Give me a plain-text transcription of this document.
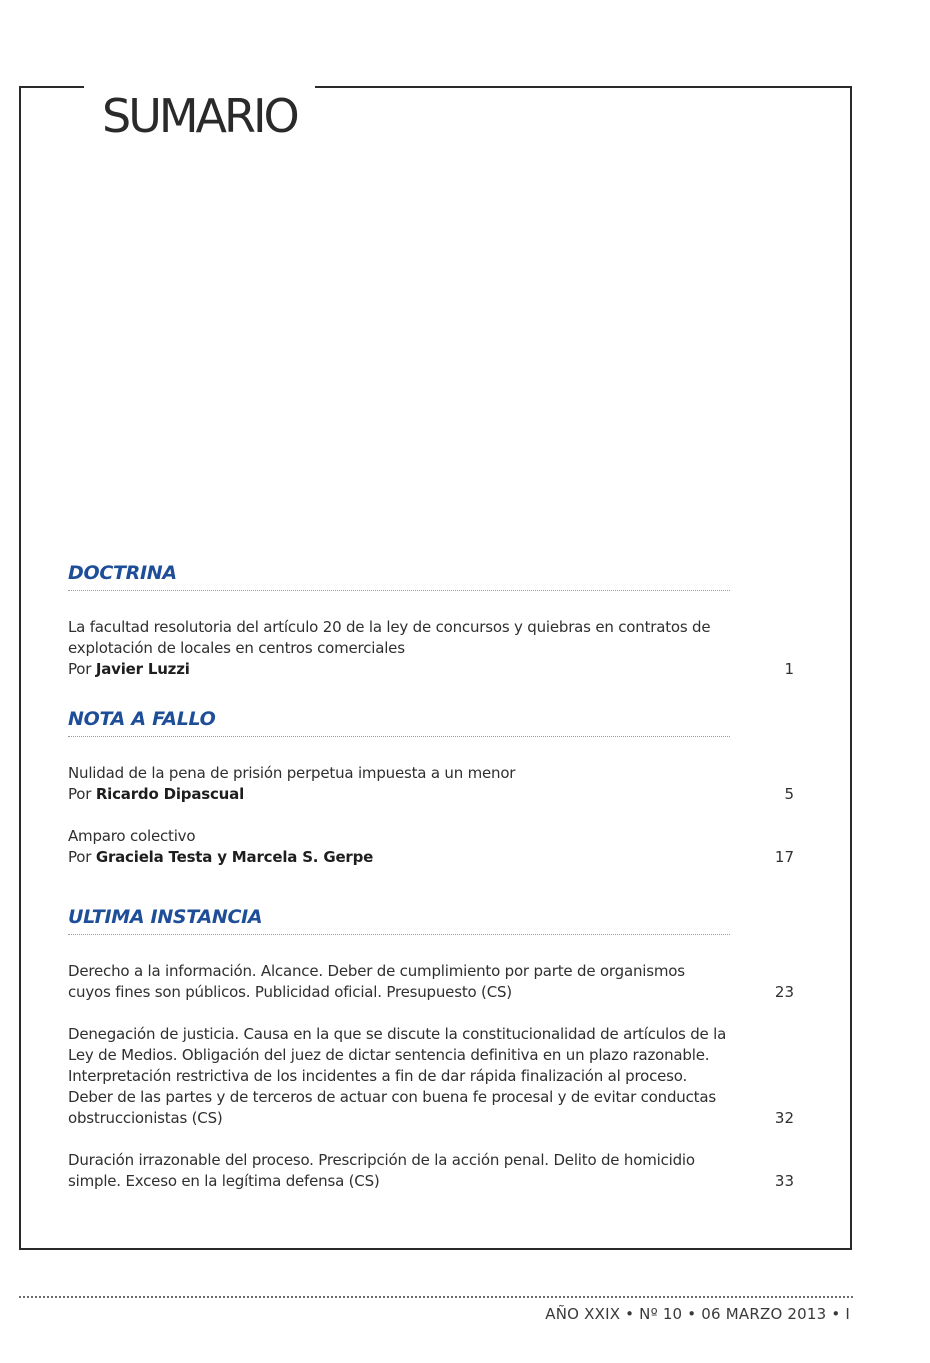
SUMARIO
DOCTRINA

La facultad resolutoria del artículo 20 de la ley de concursos y quiebras en contratos de explotación de locales en centros comerciales
Por Javier Luzzi	1
NOTA A FALLO

Nulidad de la pena de prisión perpetua impuesta a un menor
Por Ricardo Dipascual	5

Amparo colectivo
Por Graciela Testa y Marcela S. Gerpe	17
ULTIMA INSTANCIA

Derecho a la información. Alcance. Deber de cumplimiento por parte de organismos cuyos fines son públicos. Publicidad oficial. Presupuesto (CS)	23

Denegación de justicia. Causa en la que se discute la constitucionalidad de artículos de la Ley de Medios. Obligación del juez de dictar sentencia definitiva en un plazo razonable. Interpretación restrictiva de los incidentes a fin de dar rápida finalización al proceso. Deber de las partes y de terceros de actuar con buena fe procesal y de evitar conductas obstruccionistas (CS)	32

Duración irrazonable del proceso. Prescripción de la acción penal. Delito de homicidio simple. Exceso en la legítima defensa (CS)	33
AÑO XXIX • Nº 10 • 06 MARZO 2013 • I
